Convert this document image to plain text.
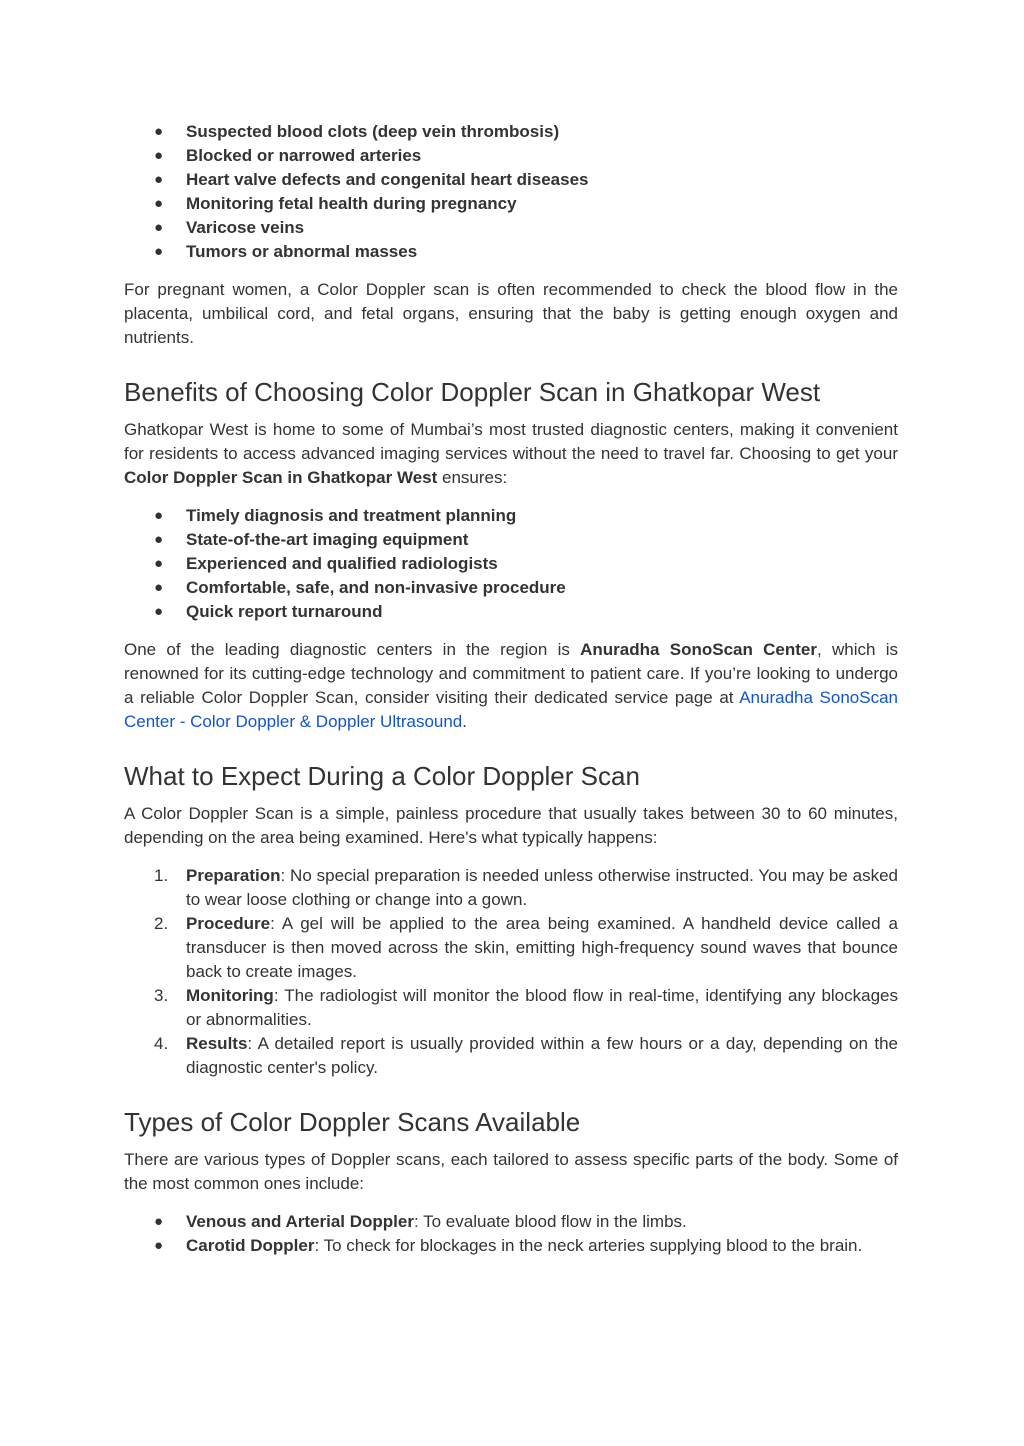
● Suspected blood clots (deep vein thrombosis)
● Blocked or narrowed arteries
● Heart valve defects and congenital heart diseases
● Monitoring fetal health during pregnancy
● Varicose veins
● Tumors or abnormal masses

For pregnant women, a Color Doppler scan is often recommended to check the blood flow in the placenta, umbilical cord, and fetal organs, ensuring that the baby is getting enough oxygen and nutrients.

Benefits of Choosing Color Doppler Scan in Ghatkopar West

Ghatkopar West is home to some of Mumbai’s most trusted diagnostic centers, making it convenient for residents to access advanced imaging services without the need to travel far. Choosing to get your Color Doppler Scan in Ghatkopar West ensures:

● Timely diagnosis and treatment planning
● State-of-the-art imaging equipment
● Experienced and qualified radiologists
● Comfortable, safe, and non-invasive procedure
● Quick report turnaround

One of the leading diagnostic centers in the region is Anuradha SonoScan Center, which is renowned for its cutting-edge technology and commitment to patient care. If you’re looking to undergo a reliable Color Doppler Scan, consider visiting their dedicated service page at Anuradha SonoScan Center - Color Doppler & Doppler Ultrasound.

What to Expect During a Color Doppler Scan

A Color Doppler Scan is a simple, painless procedure that usually takes between 30 to 60 minutes, depending on the area being examined. Here's what typically happens:

1.	Preparation: No special preparation is needed unless otherwise instructed. You may be asked to wear loose clothing or change into a gown.
2.	Procedure: A gel will be applied to the area being examined. A handheld device called a transducer is then moved across the skin, emitting high-frequency sound waves that bounce back to create images.
3.	Monitoring: The radiologist will monitor the blood flow in real-time, identifying any blockages or abnormalities.
4.	Results: A detailed report is usually provided within a few hours or a day, depending on the diagnostic center's policy.
Types of Color Doppler Scans Available

There are various types of Doppler scans, each tailored to assess specific parts of the body. Some of the most common ones include:

● Venous and Arterial Doppler: To evaluate blood flow in the limbs.
● Carotid Doppler: To check for blockages in the neck arteries supplying blood to the brain.
